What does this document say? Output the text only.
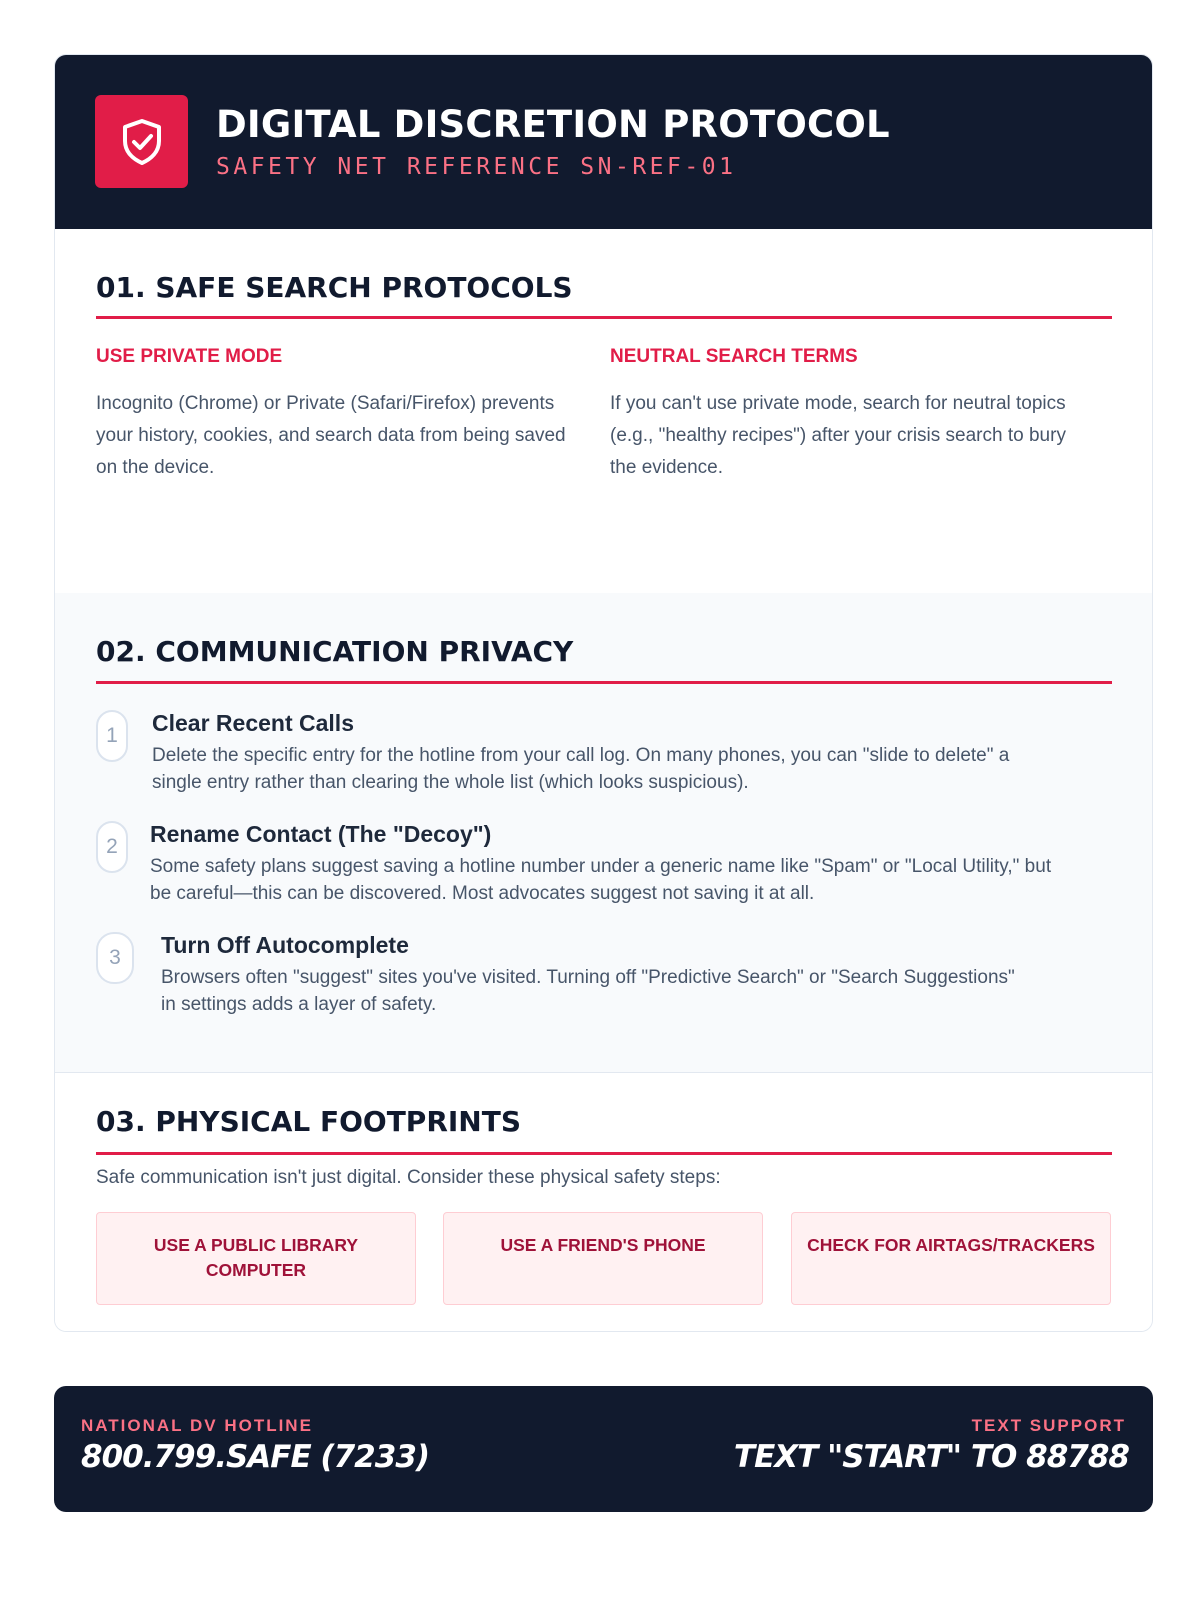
DIGITAL DISCRETION PROTOCOL
SAFETY NET REFERENCE SN-REF-01
01. SAFE SEARCH PROTOCOLS
USE PRIVATE MODE
Incognito (Chrome) or Private (Safari/Firefox) prevents your history, cookies, and search data from being saved on the device.
NEUTRAL SEARCH TERMS
If you can't use private mode, search for neutral topics (e.g., "healthy recipes") after your crisis search to bury the evidence.
02. COMMUNICATION PRIVACY
1	Clear Recent Calls
Delete the specific entry for the hotline from your call log. On many phones, you can "slide to delete" a single entry rather than clearing the whole list (which looks suspicious).
2	Rename Contact (The "Decoy")
Some safety plans suggest saving a hotline number under a generic name like "Spam" or "Local Utility," but be careful—this can be discovered. Most advocates suggest not saving it at all.
3	Turn Off Autocomplete
Browsers often "suggest" sites you've visited. Turning off "Predictive Search" or "Search Suggestions" in settings adds a layer of safety.
03. PHYSICAL FOOTPRINTS
Safe communication isn't just digital. Consider these physical safety steps:
USE A PUBLIC LIBRARY COMPUTER
USE A FRIEND'S PHONE	CHECK FOR AIRTAGS/TRACKERS
NATIONAL DV HOTLINE
800.799.SAFE (7233)
TEXT SUPPORT
TEXT "START" TO 88788
